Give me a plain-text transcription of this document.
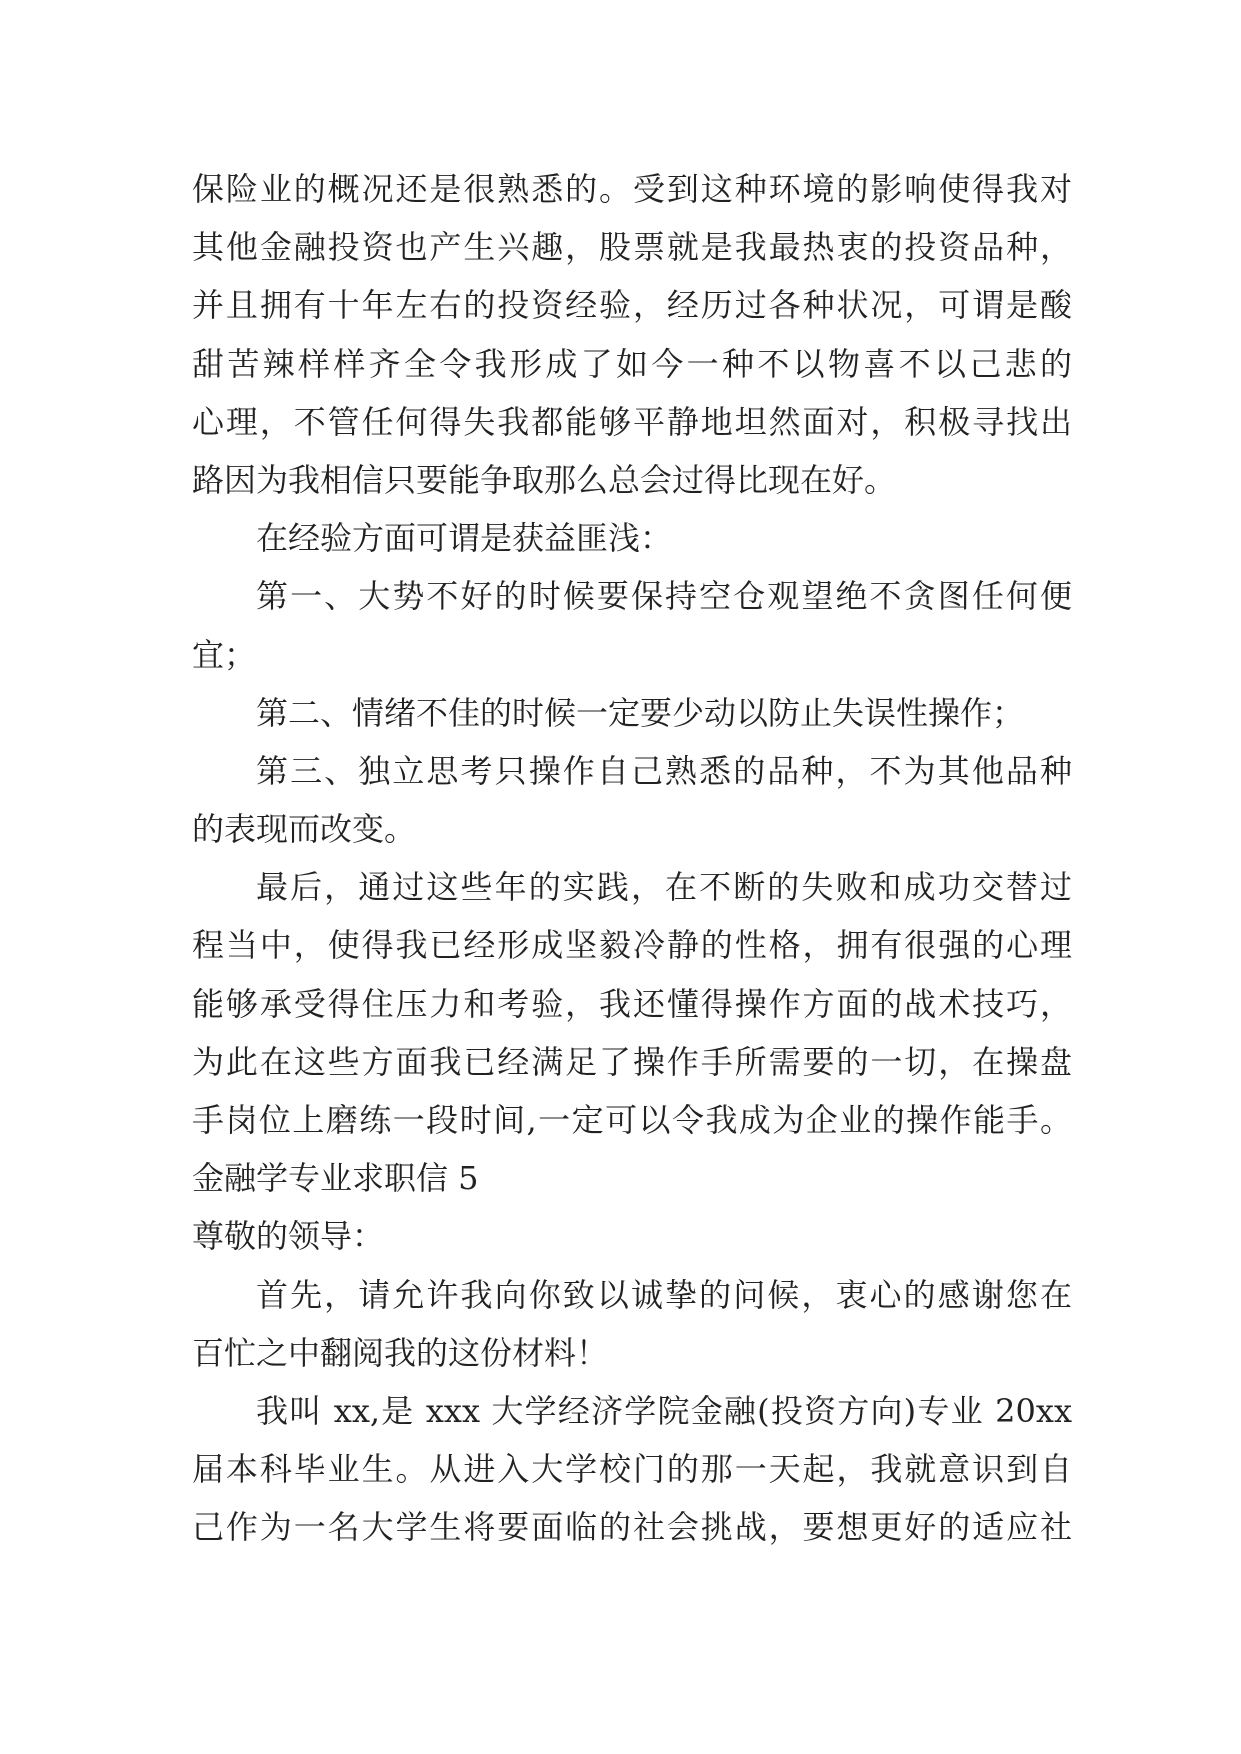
保险业的概况还是很熟悉的。受到这种环境的影响使得我对
其他金融投资也产生兴趣，股票就是我最热衷的投资品种，
并且拥有十年左右的投资经验，经历过各种状况，可谓是酸
甜苦辣样样齐全令我形成了如今一种不以物喜不以己悲的
心理，不管任何得失我都能够平静地坦然面对，积极寻找出
路因为我相信只要能争取那么总会过得比现在好。
在经验方面可谓是获益匪浅：
第一、大势不好的时候要保持空仓观望绝不贪图任何便
宜；
第二、情绪不佳的时候一定要少动以防止失误性操作；
第三、独立思考只操作自己熟悉的品种，不为其他品种
的表现而改变。
最后，通过这些年的实践，在不断的失败和成功交替过
程当中，使得我已经形成坚毅冷静的性格，拥有很强的心理
能够承受得住压力和考验，我还懂得操作方面的战术技巧，
为此在这些方面我已经满足了操作手所需要的一切，在操盘
手岗位上磨练一段时间,一定可以令我成为企业的操作能手。
金融学专业求职信 5
尊敬的领导：
首先，请允许我向你致以诚挚的问候，衷心的感谢您在
百忙之中翻阅我的这份材料！
我叫 xx,是 xxx 大学经济学院金融(投资方向)专业 20xx
届本科毕业生。从进入大学校门的那一天起，我就意识到自
己作为一名大学生将要面临的社会挑战，要想更好的适应社
